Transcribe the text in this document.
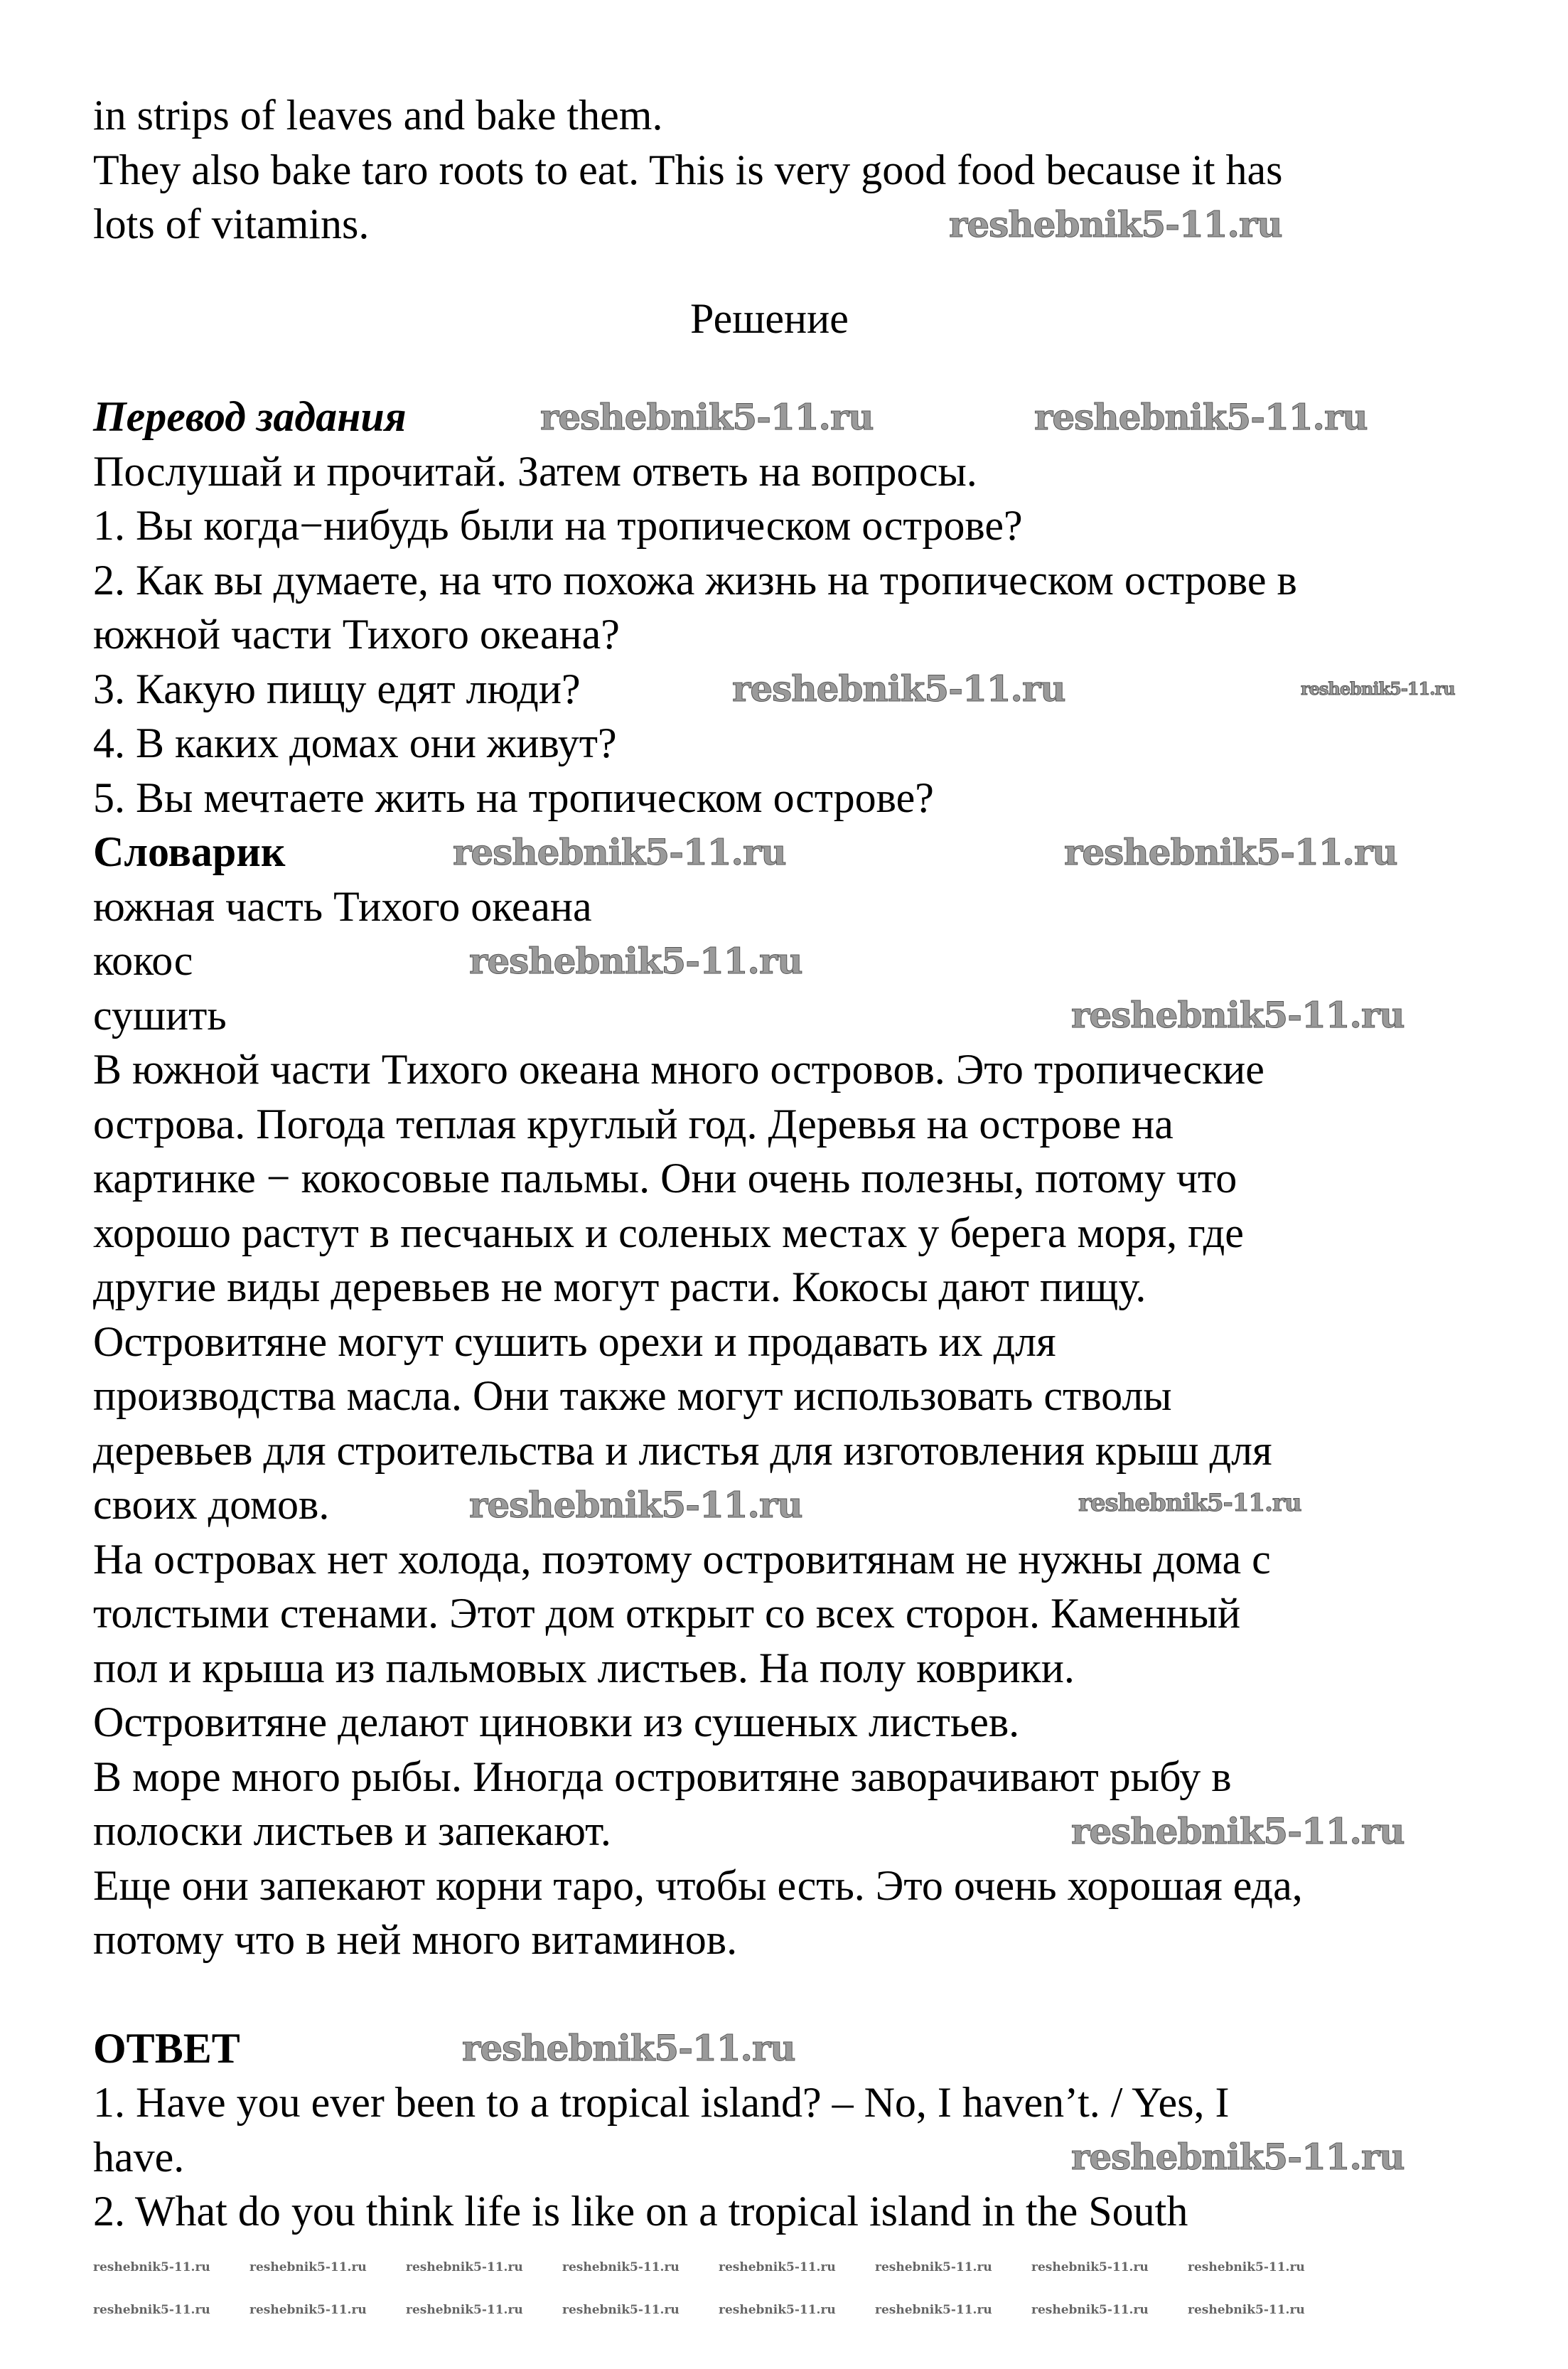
in strips of leaves and bake them.
They also bake taro roots to eat. This is very good food because it has
lots of vitamins.
Решение
Перевод задания
Послушай и прочитай. Затем ответь на вопросы.
1. Вы когда−нибудь были на тропическом острове?
2. Как вы думаете, на что похожа жизнь на тропическом острове в
южной части Тихого океана?
3. Какую пищу едят люди?
4. В каких домах они живут?
5. Вы мечтаете жить на тропическом острове?
Словарик
южная часть Тихого океана
кокос
сушить
В южной части Тихого океана много островов. Это тропические
острова. Погода теплая круглый год. Деревья на острове на
картинке − кокосовые пальмы. Они очень полезны, потому что
хорошо растут в песчаных и соленых местах у берега моря, где
другие виды деревьев не могут расти. Кокосы дают пищу.
Островитяне могут сушить орехи и продавать их для
производства масла. Они также могут использовать стволы
деревьев для строительства и листья для изготовления крыш для
своих домов.
На островах нет холода, поэтому островитянам не нужны дома с
толстыми стенами. Этот дом открыт со всех сторон. Каменный
пол и крыша из пальмовых листьев. На полу коврики.
Островитяне делают циновки из сушеных листьев.
В море много рыбы. Иногда островитяне заворачивают рыбу в
полоски листьев и запекают.
Еще они запекают корни таро, чтобы есть. Это очень хорошая еда,
потому что в ней много витаминов.
ОТВЕТ
1. Have you ever been to a tropical island? – No, I haven’t. / Yes, I
have.
2. What do you think life is like on a tropical island in the South
reshebnik5-11.ru
reshebnik5-11.ru	reshebnik5-11.ru
reshebnik5-11.ru
reshebnik5-11.ru	reshebnik5-11.ru
reshebnik5-11.ru
reshebnik5-11.ru
reshebnik5-11.ru
reshebnik5-11.ru
reshebnik5-11.ru
reshebnik5-11.ru
reshebnik5-11.ru
reshebnik5-11.ru
reshebnik5-11.ru	reshebnik5-11.ru	reshebnik5-11.ru	reshebnik5-11.ru	reshebnik5-11.ru	reshebnik5-11.ru	reshebnik5-11.ru	reshebnik5-11.ru
reshebnik5-11.ru	reshebnik5-11.ru	reshebnik5-11.ru	reshebnik5-11.ru	reshebnik5-11.ru	reshebnik5-11.ru	reshebnik5-11.ru	reshebnik5-11.ru
